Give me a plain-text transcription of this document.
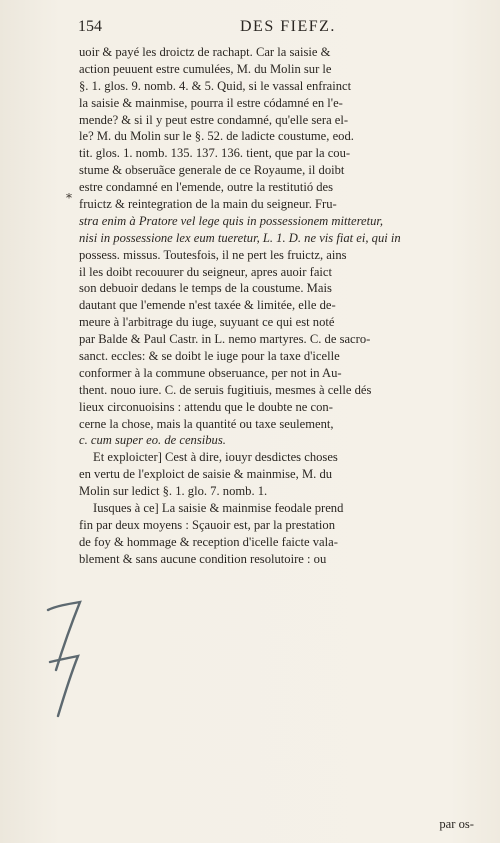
154	DES FIEFZ.
*
uoir & payé les droictz de rachapt. Car la saisie &
action peuuent estre cumulées, M. du Molin sur le
§. 1. glos. 9. nomb. 4. & 5. Quid, si le vassal enfrainct
la saisie & mainmise, pourra il estre códamné en l'e-
mende? & si il y peut estre condamné, qu'elle sera el-
le? M. du Molin sur le §. 52. de ladicte coustume, eod.
tit. glos. 1. nomb. 135. 137. 136. tient, que par la cou-
stume & obseruãce generale de ce Royaume, il doibt
estre condamné en l'emende, outre la restitutió des
fruictz & reintegration de la main du seigneur. Fru-
stra enim à Pratore vel lege quis in possessionem mitteretur,
nisi in possessione lex eum tueretur, L. 1. D. ne vis fiat ei, qui in
possess. missus. Toutesfois, il ne pert les fruictz, ains
il les doibt recouurer du seigneur, apres auoir faict
son debuoir dedans le temps de la coustume. Mais
dautant que l'emende n'est taxée & limitée, elle de-
meure à l'arbitrage du iuge, suyuant ce qui est noté
par Balde & Paul Castr. in L. nemo martyres. C. de sacro-
sanct. eccles: & se doibt le iuge pour la taxe d'icelle
conformer à la commune obseruance, per not in Au-
thent. nouo iure. C. de seruis fugitiuis, mesmes à celle dés
lieux circonuoisins : attendu que le doubte ne con-
cerne la chose, mais la quantité ou taxe seulement,
c. cum super eo. de censibus.
Et exploicter] Cest à dire, iouyr desdictes choses
en vertu de l'exploict de saisie & mainmise, M. du
Molin sur ledict §. 1. glo. 7. nomb. 1.
Iusques à ce] La saisie & mainmise feodale prend
fin par deux moyens : Sçauoir est, par la prestation
de foy & hommage & reception d'icelle faicte vala-
blement & sans aucune condition resolutoire : ou
par os-
